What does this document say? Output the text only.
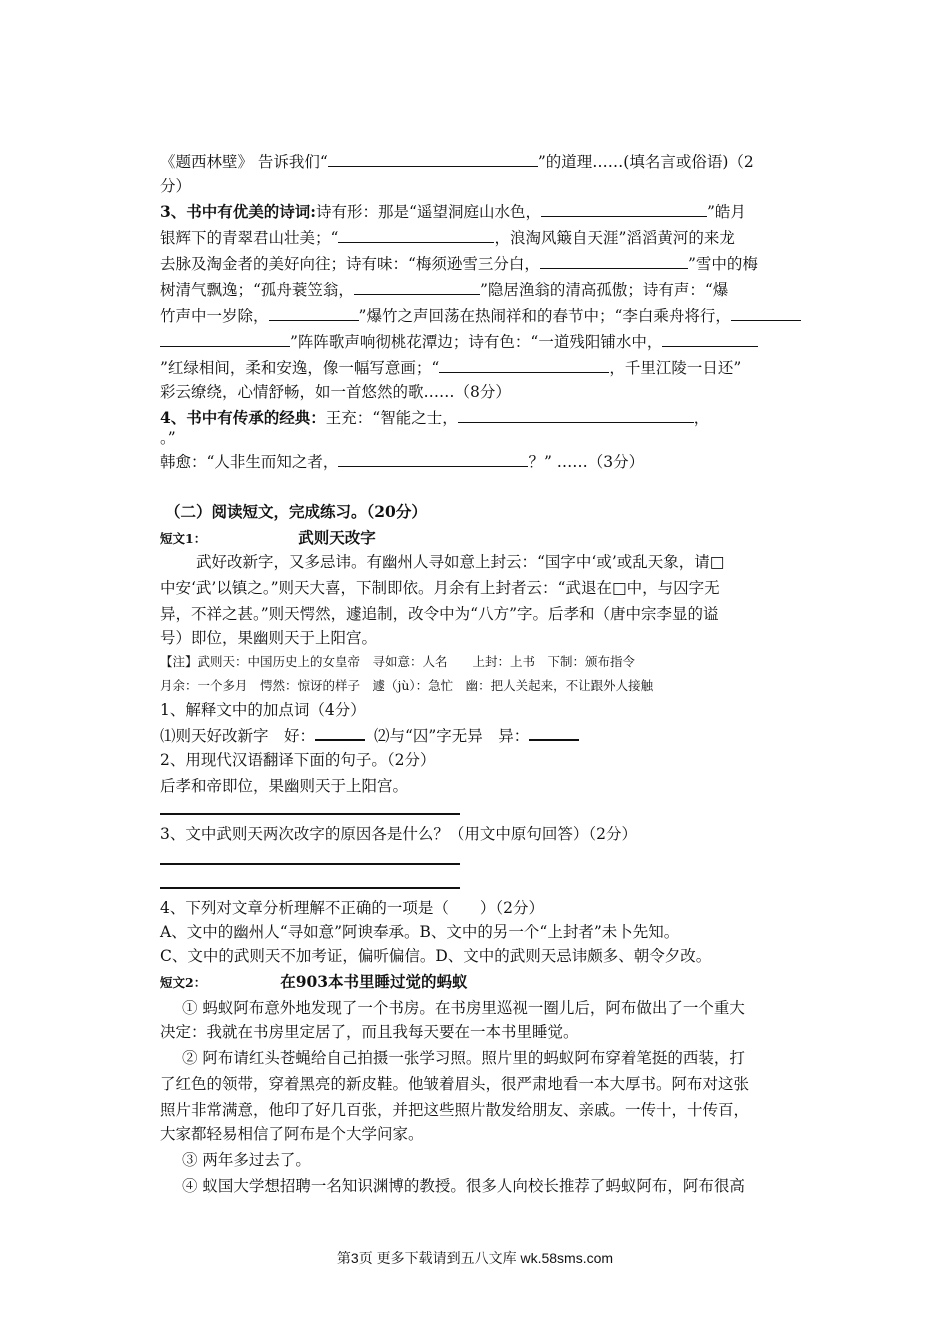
《题西林壁》 告诉我们“	”的道理……(填名言或俗语)（2
分）
3、书中有优美的诗词:诗有形：那是“遥望洞庭山水色，	”皓月
银辉下的青翠君山壮美；“	，浪淘风簸自天涯”滔滔黄河的来龙
去脉及淘金者的美好向往；诗有味：“梅须逊雪三分白，	”雪中的梅
树清气飘逸；“孤舟蓑笠翁，	”隐居渔翁的清高孤傲；诗有声：“爆
竹声中一岁除，	”爆竹之声回荡在热闹祥和的春节中；“李白乘舟将行，
”阵阵歌声响彻桃花潭边；诗有色：“一道残阳铺水中，
”红绿相间，柔和安逸，像一幅写意画；“	，千里江陵一日还”
彩云缭绕，心情舒畅，如一首悠然的歌……（8分）
4、书中有传承的经典：王充：“智能之士，	，
。”
韩愈：“人非生而知之者，	？” ……（3分）
（二）阅读短文，完成练习。（20分）
短文1：	武则天改字
武好改新字，又多忌讳。有幽州人寻如意上封云：“国字中‘或’或乱天象，请□
中安‘武’以镇之。”则天大喜，下制即依。月余有上封者云：“武退在□中，与囚字无
异，不祥之甚。”则天愕然，遽追制，改令中为“八方”字。后孝和（唐中宗李显的谥
号）即位，果幽则天于上阳宫。
【注】武则天：中国历史上的女皇帝　寻如意：人名　　上封：上书　下制：颁布指令
月余：一个多月　愕然：惊讶的样子　遽（jù）：急忙　幽：把人关起来，不让跟外人接触
1、解释文中的加点词（4分）
⑴则天好改新字　好：	⑵与“囚”字无异　异：
2、用现代汉语翻译下面的句子。（2分）
后孝和帝即位，果幽则天于上阳宫。
3、文中武则天两次改字的原因各是什么？（用文中原句回答）（2分）
4、下列对文章分析理解不正确的一项是（　　）（2分）
A、文中的幽州人“寻如意”阿谀奉承。B、文中的另一个“上封者”未卜先知。
C、文中的武则天不加考证，偏听偏信。D、文中的武则天忌讳颇多、朝令夕改。
短文2：	在903本书里睡过觉的蚂蚁
① 蚂蚁阿布意外地发现了一个书房。在书房里巡视一圈儿后，阿布做出了一个重大
决定：我就在书房里定居了，而且我每天要在一本书里睡觉。
② 阿布请红头苍蝇给自己拍摄一张学习照。照片里的蚂蚁阿布穿着笔挺的西装，打
了红色的领带，穿着黑亮的新皮鞋。他皱着眉头，很严肃地看一本大厚书。阿布对这张
照片非常满意，他印了好几百张，并把这些照片散发给朋友、亲戚。一传十，十传百，
大家都轻易相信了阿布是个大学问家。
③ 两年多过去了。
④ 蚁国大学想招聘一名知识渊博的教授。很多人向校长推荐了蚂蚁阿布，阿布很高
第3页 更多下载请到五八文库 wk.58sms.com
